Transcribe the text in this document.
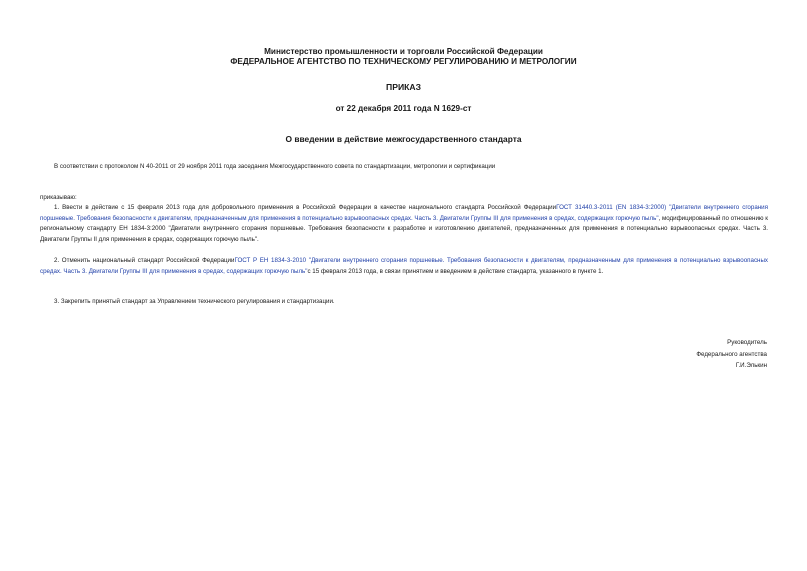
Министерство промышленности и торговли Российской Федерации
ФЕДЕРАЛЬНОЕ АГЕНТСТВО ПО ТЕХНИЧЕСКОМУ РЕГУЛИРОВАНИЮ И МЕТРОЛОГИИ
ПРИКАЗ
от 22 декабря 2011 года N 1629-ст
О введении в действие межгосударственного стандарта
В соответствии с протоколом N 40-2011 от 29 ноября 2011 года заседания Межгосударственного совета по стандартизации, метрологии и сертификации
приказываю:
1. Ввести в действие с 15 февраля 2013 года для добровольного применения в Российской Федерации в качестве национального стандарта Российской ФедерацииГОСТ 31440.3-2011 (EN 1834-3:2000) "Двигатели внутреннего сгорания поршневые. Требования безопасности к двигателям, предназначенным для применения в потенциально взрывоопасных средах. Часть 3. Двигатели Группы III для применения в средах, содержащих горючую пыль", модифицированный по отношению к региональному стандарту ЕН 1834-3:2000 "Двигатели внутреннего сгорания поршневые. Требования безопасности к разработке и изготовлению двигателей, предназначенных для применения в потенциально взрывоопасных средах. Часть 3. Двигатели Группы II для применения в средах, содержащих горючую пыль".
2. Отменить национальный стандарт Российской ФедерацииГОСТ Р ЕН 1834-3-2010 "Двигатели внутреннего сгорания поршневые. Требования безопасности к двигателям, предназначенным для применения в потенциально взрывоопасных средах. Часть 3. Двигатели Группы III для применения в средах, содержащих горючую пыль"с 15 февраля 2013 года, в связи принятием и введением в действие стандарта, указанного в пункте 1.
3. Закрепить принятый стандарт за Управлением технического регулирования и стандартизации.
Руководитель
Федерального агентства
Г.И.Элькин
